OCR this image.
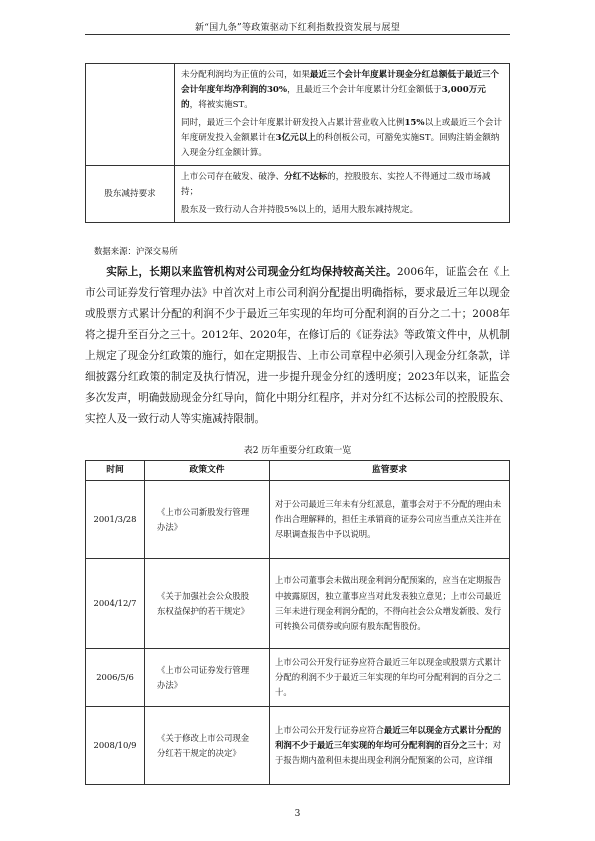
新“国九条”等政策驱动下红利指数投资发展与展望

	未分配利润均为正值的公司，如果最近三个会计年度累计现金分红总额低于最近三个会计年度年均净利润的30%，且最近三个会计年度累计分红金额低于3,000万元的，将被实施ST。

同时，最近三个会计年度累计研发投入占累计营业收入比例15%以上或最近三个会计年度研发投入金额累计在3亿元以上的科创板公司，可豁免实施ST。回购注销金额纳入现金分红金额计算。

股东减持要求	上市公司存在破发、破净、分红不达标的，控股股东、实控人不得通过二级市场减持；

股东及一致行动人合并持股5%以上的，适用大股东减持规定。

数据来源：沪深交易所

实际上，长期以来监管机构对公司现金分红均保持较高关注。2006年，证监会在《上市公司证券发行管理办法》中首次对上市公司利润分配提出明确指标，要求最近三年以现金或股票方式累计分配的利润不少于最近三年实现的年均可分配利润的百分之二十；2008年将之提升至百分之三十。2012年、2020年，在修订后的《证券法》等政策文件中，从机制上规定了现金分红政策的施行，如在定期报告、上市公司章程中必须引入现金分红条款，详细披露分红政策的制定及执行情况，进一步提升现金分红的透明度；2023年以来，证监会多次发声，明确鼓励现金分红导向，简化中期分红程序，并对分红不达标公司的控股股东、实控人及一致行动人等实施减持限制。

表2 历年重要分红政策一览
时间	政策文件	监管要求
2001/3/28	《上市公司新股发行管理办法》	对于公司最近三年未有分红派息，董事会对于不分配的理由未作出合理解释的，担任主承销商的证券公司应当重点关注并在尽职调查报告中予以说明。
2004/12/7	《关于加强社会公众股股东权益保护的若干规定》	上市公司董事会未做出现金利润分配预案的，应当在定期报告中披露原因，独立董事应当对此发表独立意见；上市公司最近三年未进行现金利润分配的，不得向社会公众增发新股、发行可转换公司债券或向原有股东配售股份。
2006/5/6	《上市公司证券发行管理办法》	上市公司公开发行证券应符合最近三年以现金或股票方式累计分配的利润不少于最近三年实现的年均可分配利润的百分之二十。
2008/10/9	《关于修改上市公司现金分红若干规定的决定》	上市公司公开发行证券应符合最近三年以现金方式累计分配的利润不少于最近三年实现的年均可分配利润的百分之三十；对于报告期内盈利但未提出现金利润分配预案的公司，应详细
3
